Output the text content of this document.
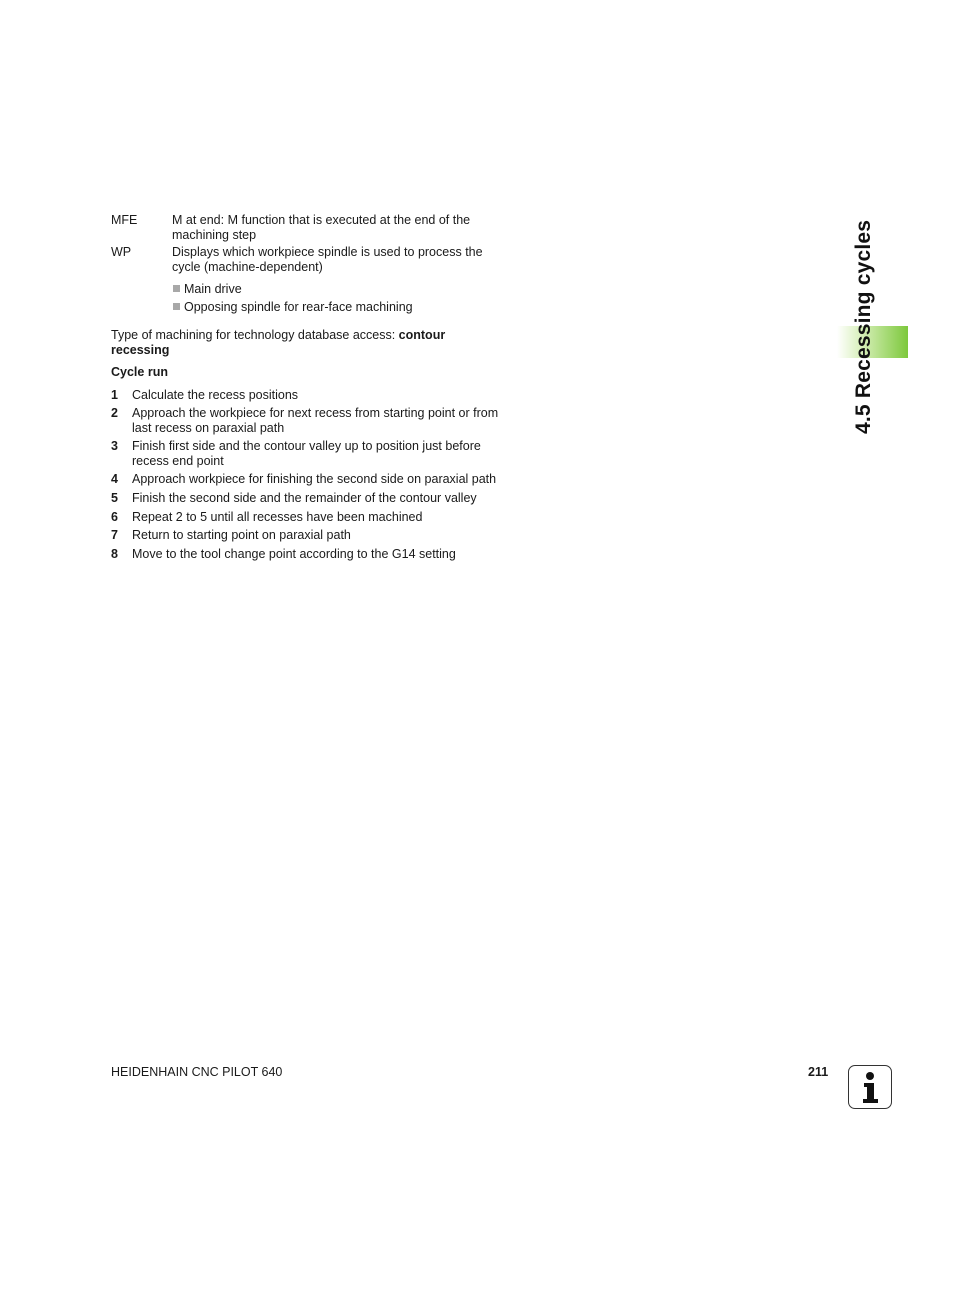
MFE	M at end: M function that is executed at the end of the machining step
WP	Displays which workpiece spindle is used to process the cycle (machine-dependent)
Main drive
Opposing spindle for rear-face machining
Type of machining for technology database access: contour recessing
Cycle run
1 Calculate the recess positions
2 Approach the workpiece for next recess from starting point or from last recess on paraxial path
3 Finish first side and the contour valley up to position just before recess end point
4 Approach workpiece for finishing the second side on paraxial path
5 Finish the second side and the remainder of the contour valley
6 Repeat 2 to 5 until all recesses have been machined
7 Return to starting point on paraxial path
8 Move to the tool change point according to the G14 setting
4.5 Recessing cycles
HEIDENHAIN CNC PILOT 640	211
